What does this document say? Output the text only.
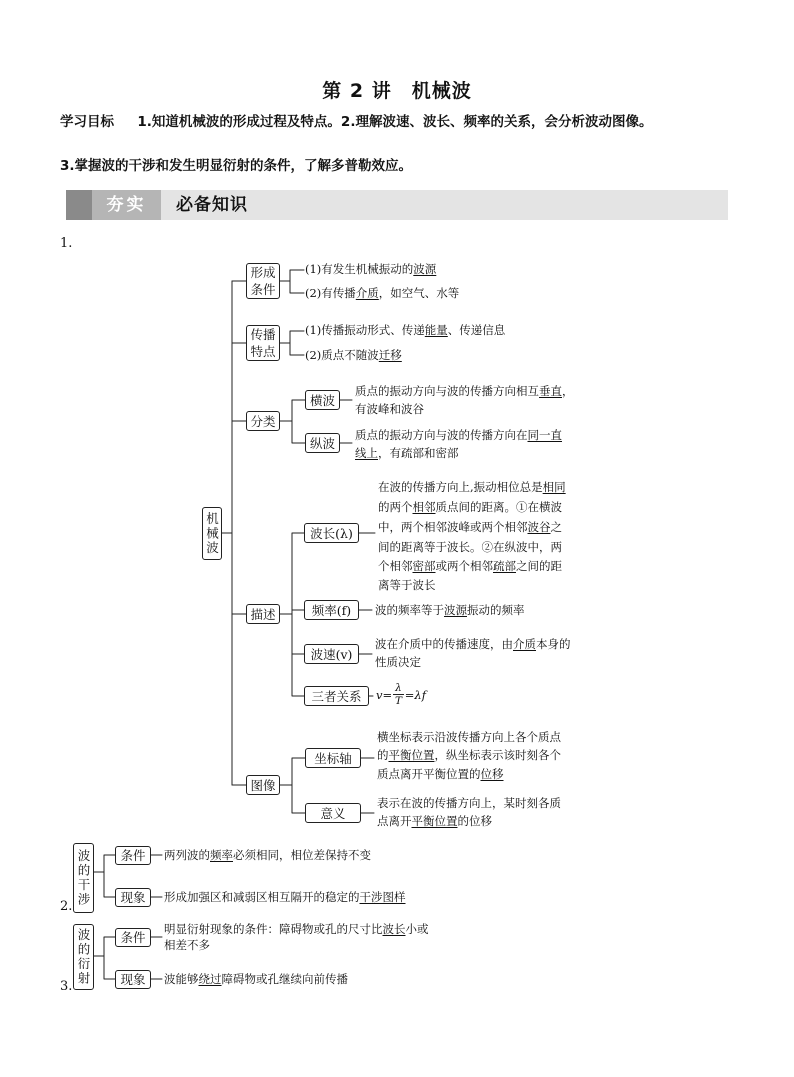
第 2 讲　机械波
学习目标 1.知道机械波的形成过程及特点。2.理解波速、波长、频率的关系，会分析波动图像。
3.掌握波的干涉和发生明显衍射的条件，了解多普勒效应。
夯实	必备知识
1.
机械波
形成条件
(1)有发生机械振动的波源
(2)有传播介质，如空气、水等
传播特点
(1)传播振动形式、传递能量、传递信息
(2)质点不随波迁移
分类
横波
质点的振动方向与波的传播方向相互垂直，
有波峰和波谷
纵波
质点的振动方向与波的传播方向在同一直
线上，有疏部和密部
描述
波长(λ)
在波的传播方向上,振动相位总是相同
的两个相邻质点间的距离。①在横波
中，两个相邻波峰或两个相邻波谷之
间的距离等于波长。②在纵波中，两
个相邻密部或两个相邻疏部之间的距
离等于波长
频率(f)	波的频率等于波源振动的频率
波速(v)
波在介质中的传播速度，由介质本身的
性质决定
三者关系	$v= \frac{\lambda}{T} =\lambda f$
图像
坐标轴
横坐标表示沿波传播方向上各个质点
的平衡位置，纵坐标表示该时刻各个
质点离开平衡位置的位移
意义
表示在波的传播方向上，某时刻各质
点离开平衡位置的位移
2. 波的干涉	条件	两列波的频率必须相同，相位差保持不变
现象	形成加强区和减弱区相互隔开的稳定的干涉图样
3.
波的衍射	条件
明显衍射现象的条件：障碍物或孔的尺寸比波长小或
相差不多
现象	波能够绕过障碍物或孔继续向前传播
